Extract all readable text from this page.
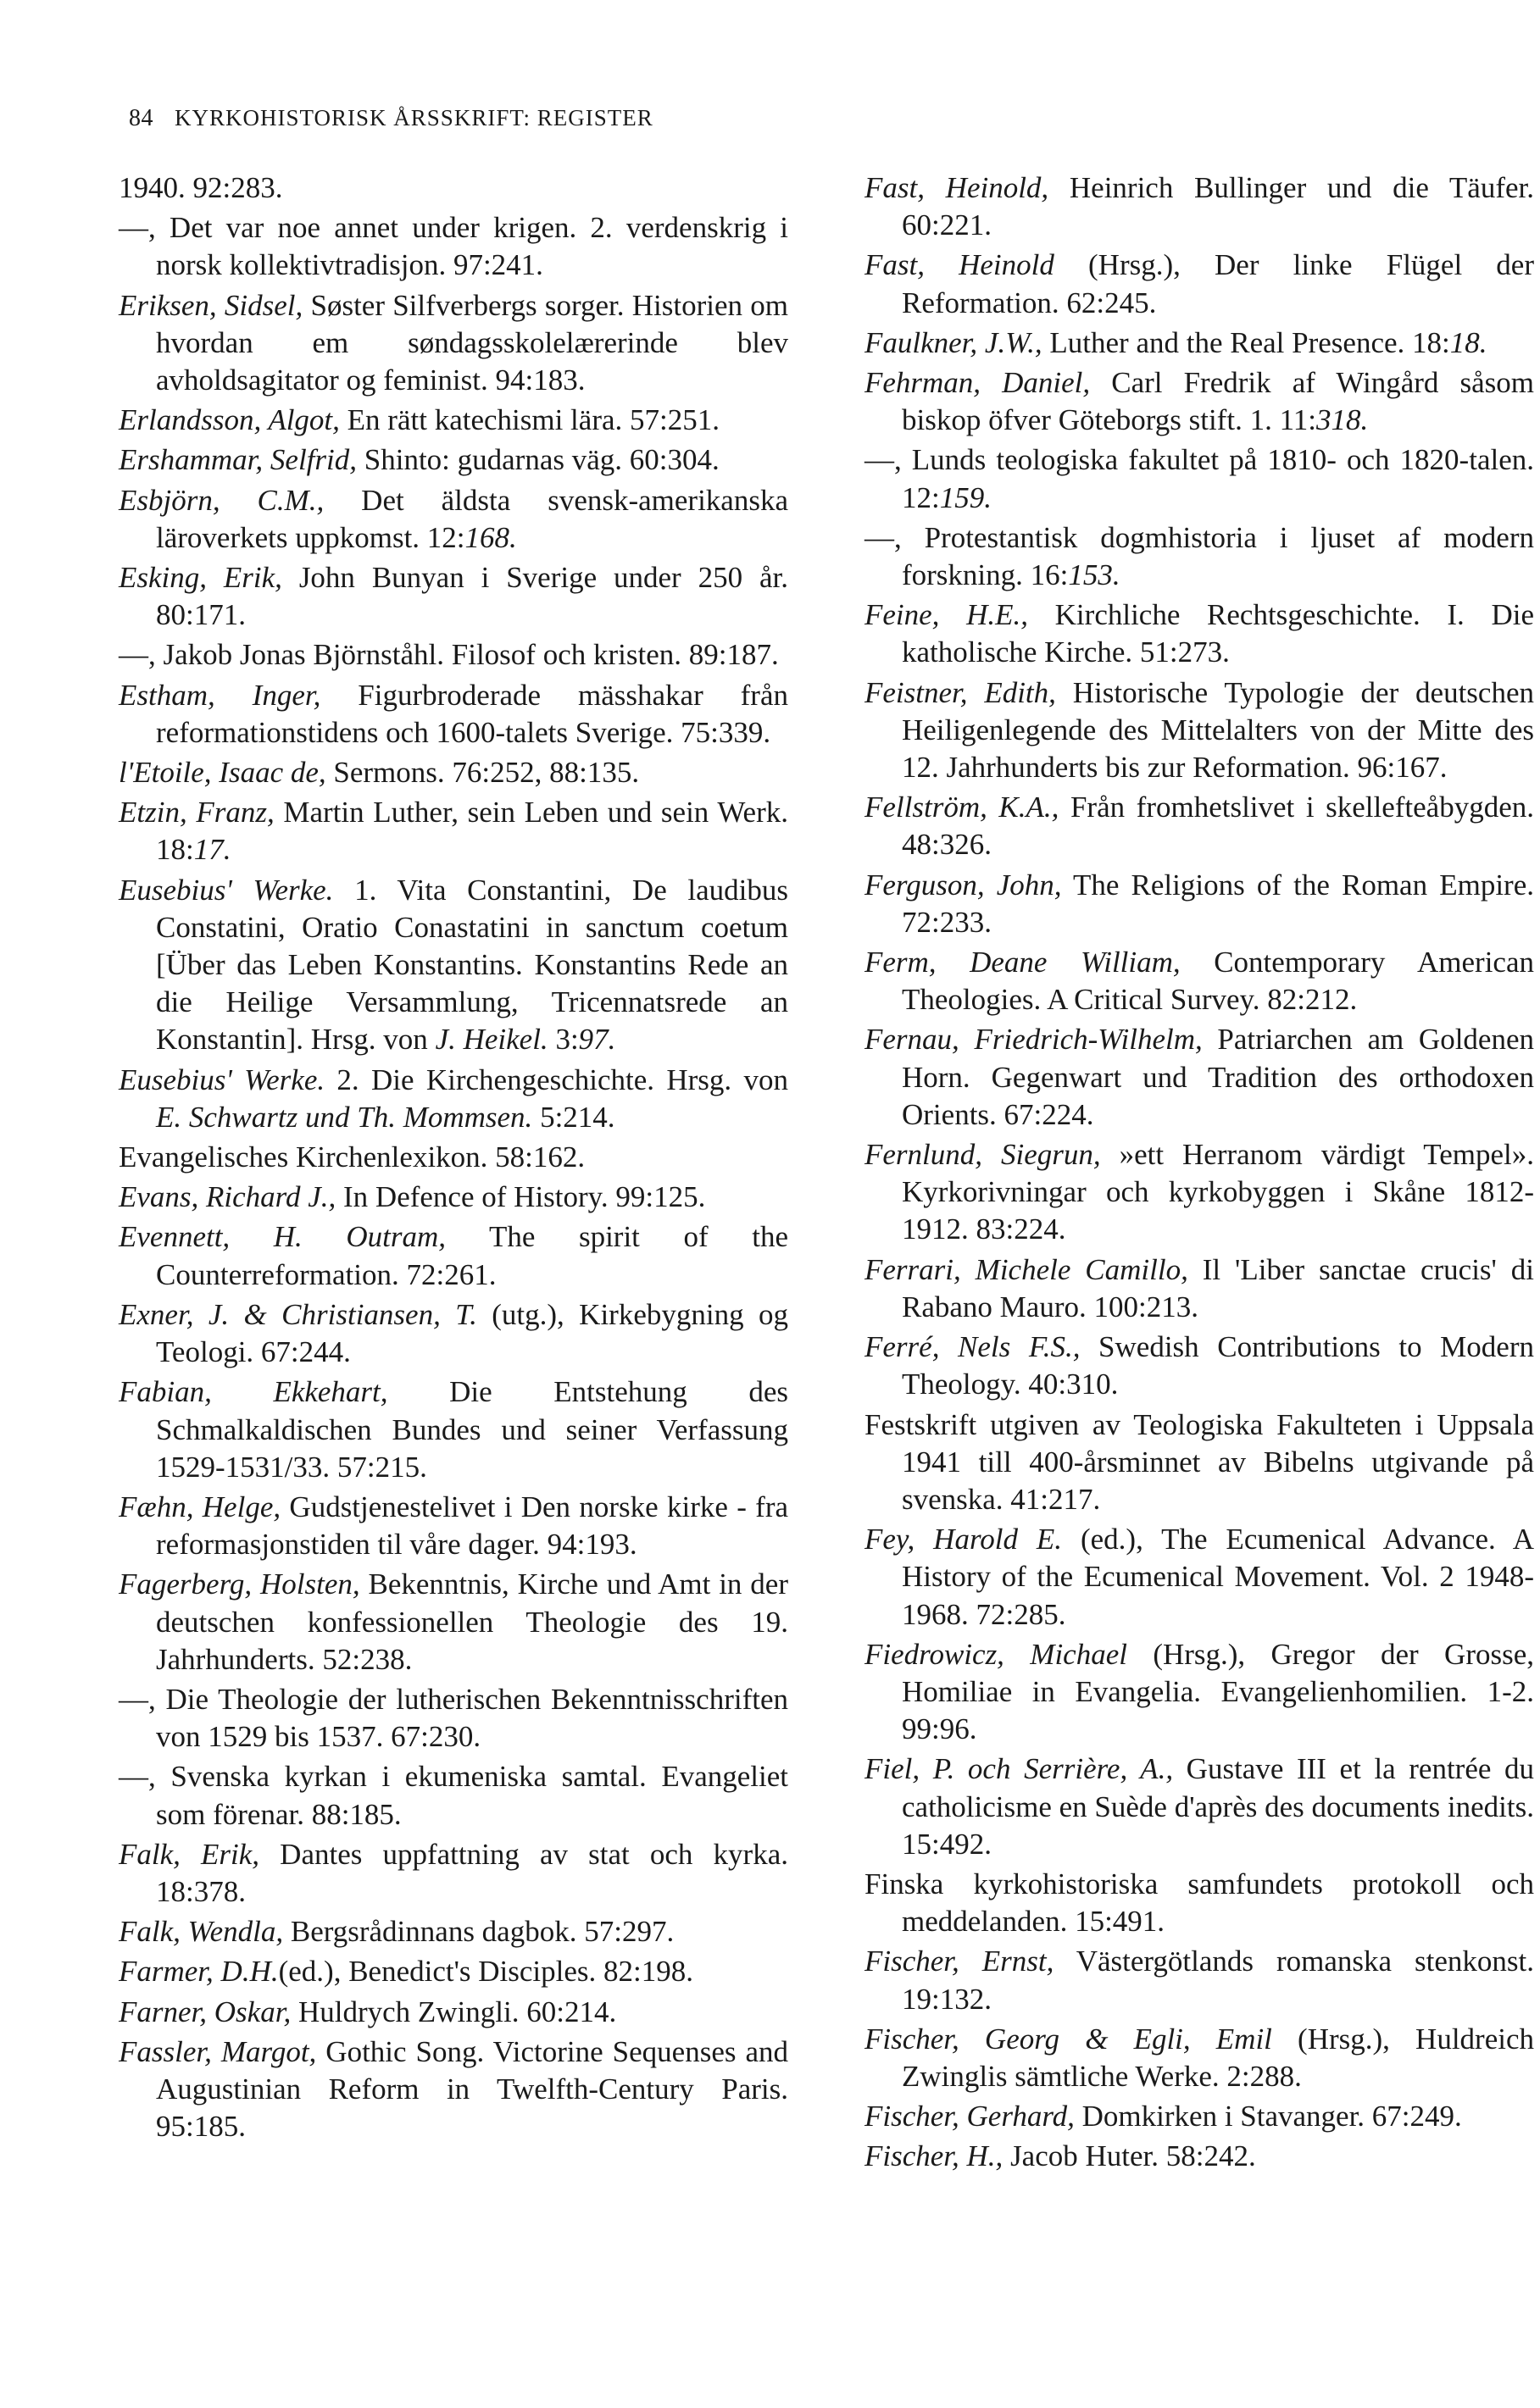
84 KYRKOHISTORISK ÅRSSKRIFT: REGISTER

1940. 92:283.

—, Det var noe annet under krigen. 2. verdenskrig i norsk kollektivtradisjon. 97:241.

Eriksen, Sidsel, Søster Silfverbergs sorger. Historien om hvordan em søndagsskolelærerinde blev avholdsagitator og feminist. 94:183.

Erlandsson, Algot, En rätt katechismi lära. 57:251.

Ershammar, Selfrid, Shinto: gudarnas väg. 60:304.

Esbjörn, C.M., Det äldsta svensk-amerikanska läroverkets uppkomst. 12:168.

Esking, Erik, John Bunyan i Sverige under 250 år. 80:171.

—, Jakob Jonas Björnståhl. Filosof och kristen. 89:187.

Estham, Inger, Figurbroderade mässhakar från reformationstidens och 1600-talets Sverige. 75:339.

l'Etoile, Isaac de, Sermons. 76:252, 88:135.

Etzin, Franz, Martin Luther, sein Leben und sein Werk. 18:17.

Eusebius' Werke. 1. Vita Constantini, De laudibus Constatini, Oratio Conastatini in sanctum coetum [Über das Leben Konstantins. Konstantins Rede an die Heilige Versammlung, Tricennatsrede an Konstantin]. Hrsg. von J. Heikel. 3:97.

Eusebius' Werke. 2. Die Kirchengeschichte. Hrsg. von E. Schwartz und Th. Mommsen. 5:214.

Evangelisches Kirchenlexikon. 58:162.

Evans, Richard J., In Defence of History. 99:125.

Evennett, H. Outram, The spirit of the Counterreformation. 72:261.

Exner, J. & Christiansen, T. (utg.), Kirkebygning og Teologi. 67:244.

Fabian, Ekkehart, Die Entstehung des Schmalkaldischen Bundes und seiner Verfassung 1529-1531/33. 57:215.

Fæhn, Helge, Gudstjenestelivet i Den norske kirke - fra reformasjonstiden til våre dager. 94:193.

Fagerberg, Holsten, Bekenntnis, Kirche und Amt in der deutschen konfessionellen Theologie des 19. Jahrhunderts. 52:238.

—, Die Theologie der lutherischen Bekenntnisschriften von 1529 bis 1537. 67:230.

—, Svenska kyrkan i ekumeniska samtal. Evangeliet som förenar. 88:185.

Falk, Erik, Dantes uppfattning av stat och kyrka. 18:378.

Falk, Wendla, Bergsrådinnans dagbok. 57:297.

Farmer, D.H.(ed.), Benedict's Disciples. 82:198.

Farner, Oskar, Huldrych Zwingli. 60:214.

Fassler, Margot, Gothic Song. Victorine Sequenses and Augustinian Reform in Twelfth-Century Paris. 95:185.

Fast, Heinold, Heinrich Bullinger und die Täufer. 60:221.

Fast, Heinold (Hrsg.), Der linke Flügel der Reformation. 62:245.

Faulkner, J.W., Luther and the Real Presence. 18:18.

Fehrman, Daniel, Carl Fredrik af Wingård såsom biskop öfver Göteborgs stift. 1. 11:318.

—, Lunds teologiska fakultet på 1810- och 1820-talen. 12:159.

—, Protestantisk dogmhistoria i ljuset af modern forskning. 16:153.

Feine, H.E., Kirchliche Rechtsgeschichte. I. Die katholische Kirche. 51:273.

Feistner, Edith, Historische Typologie der deutschen Heiligenlegende des Mittelalters von der Mitte des 12. Jahrhunderts bis zur Reformation. 96:167.

Fellström, K.A., Från fromhetslivet i skellefteåbygden. 48:326.

Ferguson, John, The Religions of the Roman Empire. 72:233.

Ferm, Deane William, Contemporary American Theologies. A Critical Survey. 82:212.

Fernau, Friedrich-Wilhelm, Patriarchen am Goldenen Horn. Gegenwart und Tradition des orthodoxen Orients. 67:224.

Fernlund, Siegrun, »ett Herranom värdigt Tempel». Kyrkorivningar och kyrkobyggen i Skåne 1812-1912. 83:224.

Ferrari, Michele Camillo, Il 'Liber sanctae crucis' di Rabano Mauro. 100:213.

Ferré, Nels F.S., Swedish Contributions to Modern Theology. 40:310.

Festskrift utgiven av Teologiska Fakulteten i Uppsala 1941 till 400-årsminnet av Bibelns utgivande på svenska. 41:217.

Fey, Harold E. (ed.), The Ecumenical Advance. A History of the Ecumenical Movement. Vol. 2 1948-1968. 72:285.

Fiedrowicz, Michael (Hrsg.), Gregor der Grosse, Homiliae in Evangelia. Evangelienhomilien. 1-2. 99:96.

Fiel, P. och Serrière, A., Gustave III et la rentrée du catholicisme en Suède d'après des documents inedits. 15:492.

Finska kyrkohistoriska samfundets protokoll och meddelanden. 15:491.

Fischer, Ernst, Västergötlands romanska stenkonst. 19:132.

Fischer, Georg & Egli, Emil (Hrsg.), Huldreich Zwinglis sämtliche Werke. 2:288.

Fischer, Gerhard, Domkirken i Stavanger. 67:249.

Fischer, H., Jacob Huter. 58:242.
